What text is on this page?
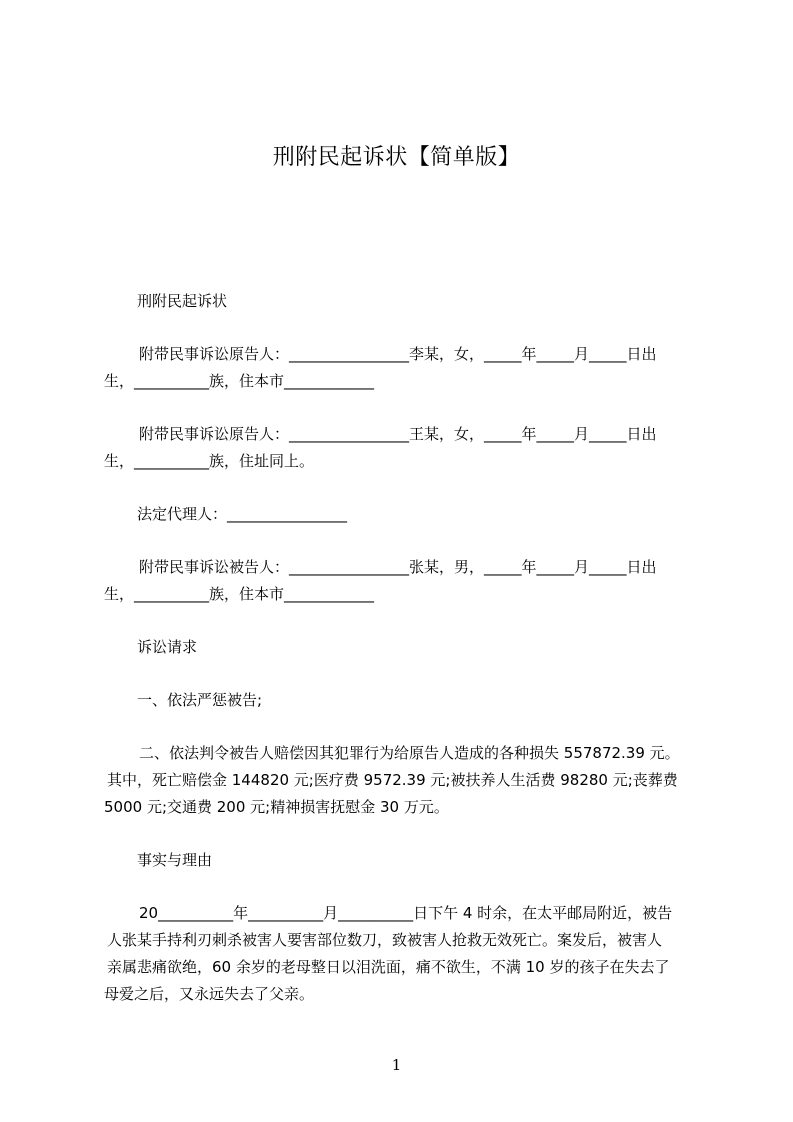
刑附民起诉状【简单版】
刑附民起诉状
附带民事诉讼原告人：________________李某，女，_____年_____月_____日出
生，__________族，住本市____________
附带民事诉讼原告人：________________王某，女，_____年_____月_____日出
生，__________族，住址同上。
法定代理人：________________
附带民事诉讼被告人：________________张某，男，_____年_____月_____日出
生，__________族，住本市____________
诉讼请求
一、依法严惩被告;
二、依法判令被告人赔偿因其犯罪行为给原告人造成的各种损失 557872.39 元。
其中，死亡赔偿金 144820 元;医疗费 9572.39 元;被扶养人生活费 98280 元;丧葬费
5000 元;交通费 200 元;精神损害抚慰金 30 万元。
事实与理由
20__________年__________月__________日下午 4 时余，在太平邮局附近，被告
人张某手持利刃刺杀被害人要害部位数刀，致被害人抢救无效死亡。案发后，被害人
亲属悲痛欲绝，60 余岁的老母整日以泪洗面，痛不欲生，不满 10 岁的孩子在失去了
母爱之后，又永远失去了父亲。
1
